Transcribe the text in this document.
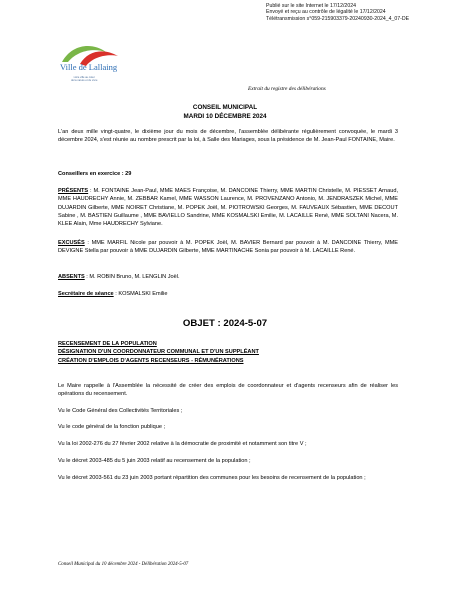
Publié sur le site Internet le 17/12/2024
Envoyé et reçu au contrôle de légalité le 17/12/2024
Télétransmission s°059-215903379-20240930-2024_4_07-DE
Ville de Lallaing
votre ville au cœur
de la nature et du vivre
Extrait du registre des délibérations
CONSEIL MUNICIPAL
MARDI 10 DÉCEMBRE 2024
L'an deux mille vingt-quatre, le dixième jour du mois de décembre, l'assemblée délibérante régulièrement convoquée, le mardi 3 décembre 2024, s'est réunie au nombre prescrit par la loi, à Salle des Mariages, sous la présidence de M. Jean-Paul FONTAINE, Maire.
Conseillers en exercice : 29
PRÉSENTS : M. FONTAINE Jean-Paul, MME MAES Françoise, M. DANCOINE Thierry, MME MARTIN Christelle, M. PIESSET Arnaud, MME HAUDRECHY Annie, M. ZEBBAR Kamel, MME WASSON Laurence, M. PROVENZANO Antonio, M. JENDRASZEK Michel, MME DUJARDIN Gilberte, MME NOIRET Christiane, M. POPEK Joël, M. PIOTROWSKI Georges, M. FAUVEAUX Sébastien, MME DECOUT Sabine , M. BASTIEN Guillaume , MME BAVIELLO Sandrine, MME KOSMALSKI Emilie, M. LACAILLE René, MME SOLTANI Nacera, M. KLEE Alain, Mme HAUDRECHY Sylviane.
EXCUSÉS : MME MARFIL Nicole par pouvoir à M. POPEK Joël, M. BAVIER Bernard par pouvoir à M. DANCOINE Thierry, MME DEVIGNE Stella par pouvoir à MME DUJARDIN Gilberte, MME MARTINACHE Sonia par pouvoir à M. LACAILLE René.
ABSENTS : M. ROBIN Bruno, M. LENGLIN Joël.
Secrétaire de séance : KOSMALSKI Emilie
OBJET : 2024-5-07
RECENSEMENT DE LA POPULATION
DÉSIGNATION D'UN COORDONNATEUR COMMUNAL ET D'UN SUPPLÉANT
CRÉATION D'EMPLOIS D'AGENTS RECENSEURS - RÉMUNÉRATIONS
Le Maire rappelle à l'Assemblée la nécessité de créer des emplois de coordonnateur et d'agents recenseurs afin de réaliser les opérations du recensement.
Vu le Code Général des Collectivités Territoriales ;
Vu le code général de la fonction publique ;
Vu la loi 2002-276 du 27 février 2002 relative à la démocratie de proximité et notamment son titre V ;
Vu le décret 2003-485 du 5 juin 2003 relatif au recensement de la population ;
Vu le décret 2003-561 du 23 juin 2003 portant répartition des communes pour les besoins de recensement de la population ;
Conseil Municipal du 10 décembre 2024 - Délibération 2024-5-07
